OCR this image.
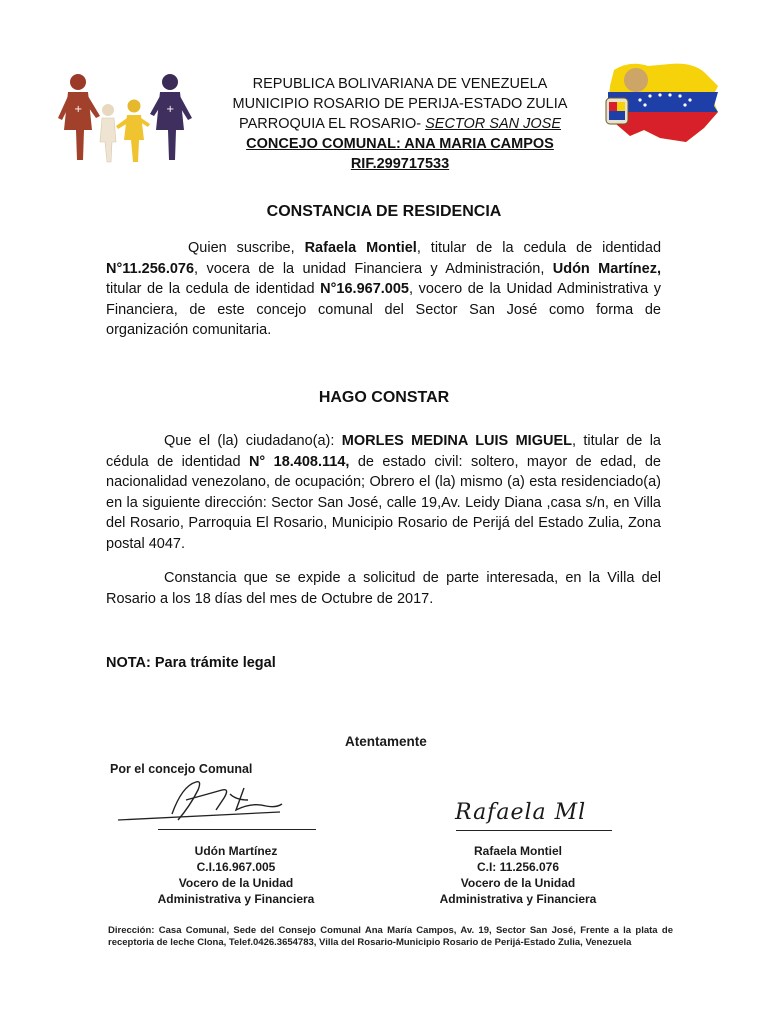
+	+
REPUBLICA BOLIVARIANA DE VENEZUELA
MUNICIPIO ROSARIO DE PERIJA-ESTADO ZULIA
PARROQUIA EL ROSARIO- SECTOR SAN JOSE
CONCEJO COMUNAL: ANA MARIA CAMPOS
RIF.299717533
CONSTANCIA DE RESIDENCIA
Quien suscribe, Rafaela Montiel, titular de la cedula de identidad N°11.256.076, vocera de la unidad Financiera y Administración, Udón Martínez, titular de la cedula de identidad N°16.967.005, vocero de la Unidad Administrativa y Financiera, de este concejo comunal del Sector San José como forma de organización comunitaria.
HAGO CONSTAR
Que el (la) ciudadano(a): MORLES MEDINA LUIS MIGUEL, titular de la cédula de identidad N° 18.408.114, de estado civil: soltero, mayor de edad, de nacionalidad venezolano, de ocupación; Obrero el (la) mismo (a) esta residenciado(a) en la siguiente dirección: Sector San José, calle 19,Av. Leidy Diana ,casa s/n, en Villa del Rosario, Parroquia El Rosario, Municipio Rosario de Perijá del Estado Zulia, Zona postal 4047.
Constancia que se expide a solicitud de parte interesada, en la Villa del Rosario a los 18 días del mes de Octubre de 2017.
NOTA: Para trámite legal
Atentamente
Por el concejo Comunal
Rafaela Ml
Udón Martínez
C.I.16.967.005
Vocero de la Unidad
Administrativa y Financiera
Rafaela Montiel
C.I: 11.256.076
Vocero de la Unidad
Administrativa y Financiera
Dirección: Casa Comunal, Sede del Consejo Comunal Ana María Campos, Av. 19, Sector San José, Frente a la plata de receptoria de leche Clona, Telef.0426.3654783, Villa del Rosario-Municipio Rosario de Perijá-Estado Zulia, Venezuela
